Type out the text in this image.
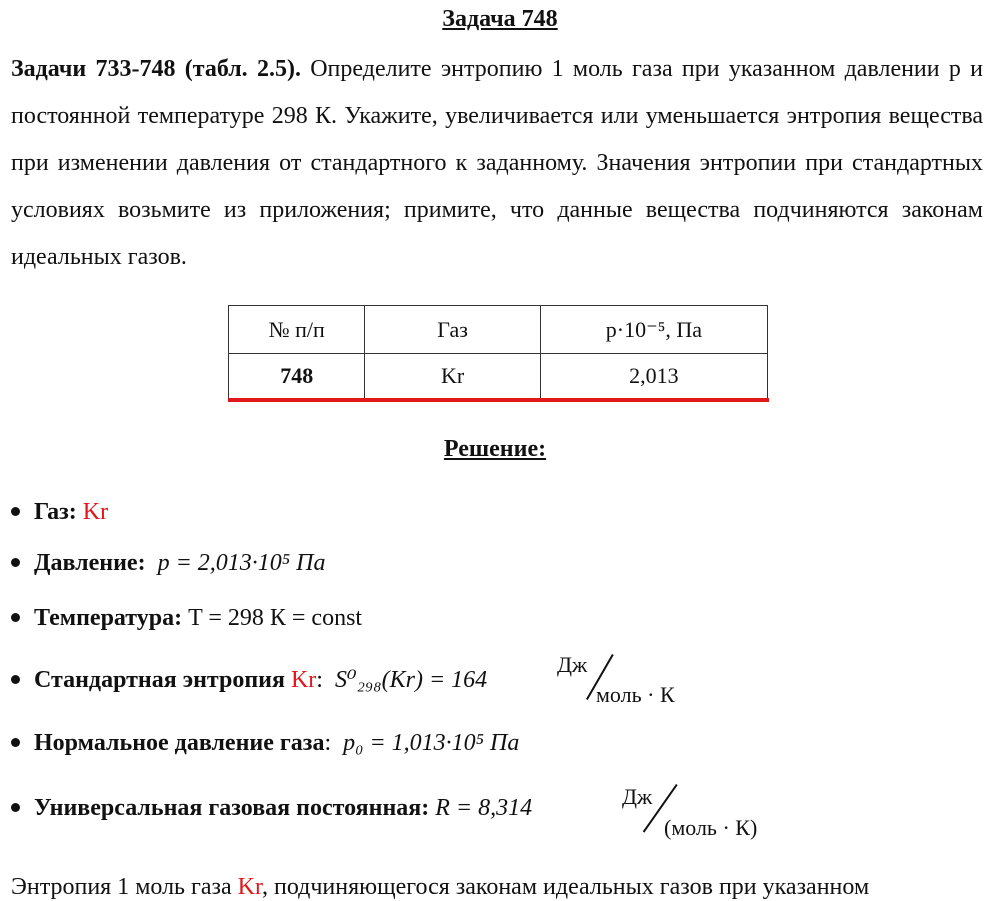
Задача 748
Задачи 733-748 (табл. 2.5). Определите энтропию 1 моль газа при указанном давлении p и постоянной температуре 298 К. Укажите, увеличивается или уменьшается энтропия вещества при изменении давления от стандартного к заданному. Значения энтропии при стандартных условиях возьмите из приложения; примите, что данные вещества подчиняются законам идеальных газов.
№ п/п	Газ	p·10⁻⁵, Па
748	Kr	2,013
Решение:
Газ: Kr
Давление: p = 2,013·10⁵ Па
Температура: T = 298 К = const
Стандартная энтропия Kr: S⁰₂₉₈(Kr) = 164
Дж
моль · К
Нормальное давление газа: p₀ = 1,013·10⁵ Па
Универсальная газовая постоянная: R = 8,314	Дж
(моль · К)
Энтропия 1 моль газа Kr, подчиняющегося законам идеальных газов при указанном
